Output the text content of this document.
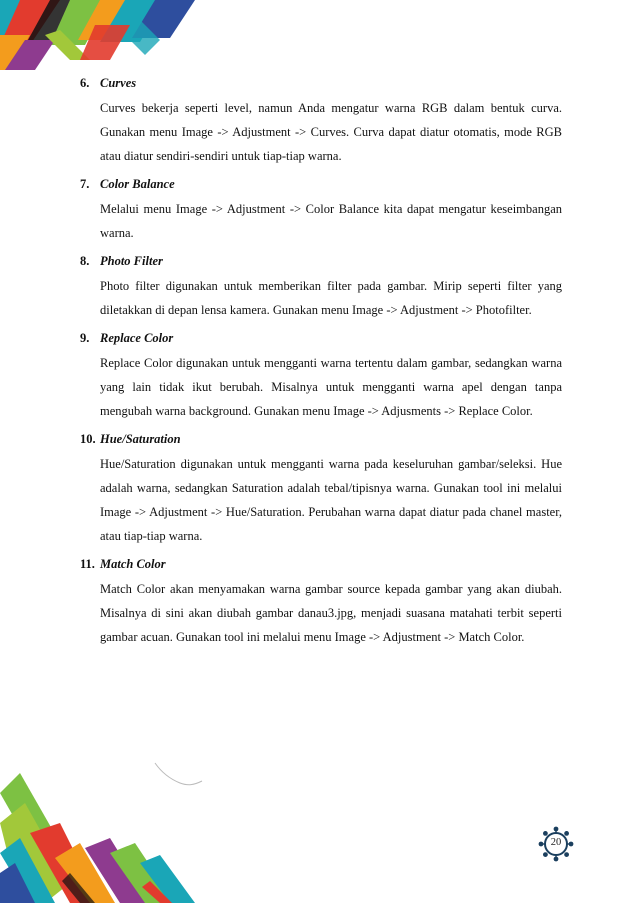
6. Curves

Curves bekerja seperti level, namun Anda mengatur warna RGB dalam bentuk curva. Gunakan menu Image -> Adjustment -> Curves. Curva dapat diatur otomatis, mode RGB atau diatur sendiri-sendiri untuk tiap-tiap warna.

7. Color Balance

Melalui menu Image -> Adjustment -> Color Balance kita dapat mengatur keseimbangan warna.

8. Photo Filter

Photo filter digunakan untuk memberikan filter pada gambar. Mirip seperti filter yang diletakkan di depan lensa kamera. Gunakan menu Image -> Adjustment -> Photofilter.

9. Replace Color

Replace Color digunakan untuk mengganti warna tertentu dalam gambar, sedangkan warna yang lain tidak ikut berubah. Misalnya untuk mengganti warna apel dengan tanpa mengubah warna background. Gunakan menu Image -> Adjusments -> Replace Color.

10. Hue/Saturation

Hue/Saturation digunakan untuk mengganti warna pada keseluruhan gambar/seleksi. Hue adalah warna, sedangkan Saturation adalah tebal/tipisnya warna. Gunakan tool ini melalui Image -> Adjustment -> Hue/Saturation. Perubahan warna dapat diatur pada chanel master, atau tiap-tiap warna.

11. Match Color

Match Color akan menyamakan warna gambar source kepada gambar yang akan diubah. Misalnya di sini akan diubah gambar danau3.jpg, menjadi suasana matahati terbit seperti gambar acuan. Gunakan tool ini melalui menu Image -> Adjustment -> Match Color.

20
